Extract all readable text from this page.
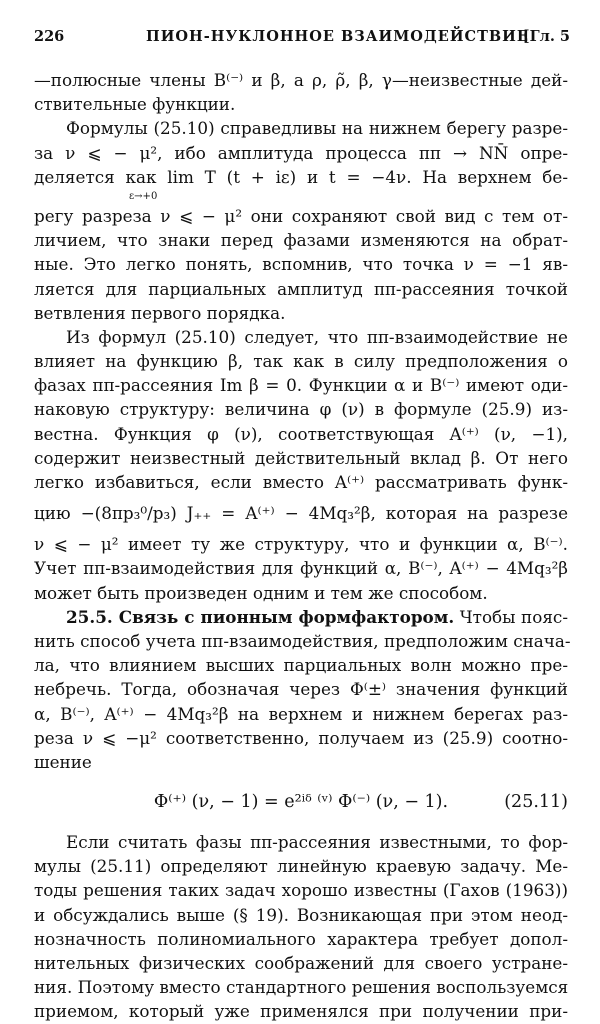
226	ПИОН-НУКЛОННОЕ ВЗАИМОДЕЙСТВИЕ
[Гл. 5
—полюсные члены B⁽⁻⁾ и β, а ρ, ρ̃, β, γ—неизвестные дей-
ствительные функции.
Формулы (25.10) справедливы на нижнем берегу разре-
за ν ⩽ − μ², ибо амплитуда процесса ππ → NN̄ опре-
деляется как lim T (t + iε) и t = −4ν. На верхнем бе-
ε→+0
регу разреза ν ⩽ − μ² они сохраняют свой вид с тем от-
личием, что знаки перед фазами изменяются на обрат-
ные. Это легко понять, вспомнив, что точка ν = −1 яв-
ляется для парциальных амплитуд ππ-рассеяния точкой
ветвления первого порядка.
Из формул (25.10) следует, что ππ-взаимодействие не
влияет на функцию β, так как в силу предположения о
фазах ππ-рассеяния Im β = 0. Функции α и B⁽⁻⁾ имеют оди-
наковую структуру: величина φ (ν) в формуле (25.9) из-
вестна. Функция φ (ν), соответствующая A⁽⁺⁾ (ν, −1),
содержит неизвестный действительный вклад β. От него
легко избавиться, если вместо A⁽⁺⁾ рассматривать функ-
цию −(8πp₃⁰/p₃) J₊₊ = A⁽⁺⁾ − 4Mq₃²β, которая на разрезе
ν ⩽ − μ² имеет ту же структуру, что и функции α, B⁽⁻⁾.
Учет ππ-взаимодействия для функций α, B⁽⁻⁾, A⁽⁺⁾ − 4Mq₃²β
может быть произведен одним и тем же способом.
25.5. Связь с пионным формфактором. Чтобы пояс-
нить способ учета ππ-взаимодействия, предположим снача-
ла, что влиянием высших парциальных волн можно пре-
небречь. Тогда, обозначая через Φ⁽±⁾ значения функций
α, B⁽⁻⁾, A⁽⁺⁾ − 4Mq₃²β на верхнем и нижнем берегах раз-
реза ν ⩽ −μ² соответственно, получаем из (25.9) соотно-
шение
Φ⁽⁺⁾ (ν, − 1) = e²ⁱᵟ ⁽ᵛ⁾ Φ⁽⁻⁾ (ν, − 1).	(25.11)
Если считать фазы ππ-рассеяния известными, то фор-
мулы (25.11) определяют линейную краевую задачу. Ме-
тоды решения таких задач хорошо известны (Гахов (1963))
и обсуждались выше (§ 19). Возникающая при этом неод-
нозначность полиномиального характера требует допол-
нительных физических соображений для своего устране-
ния. Поэтому вместо стандартного решения воспользуемся
приемом, который уже применялся при получении при-
